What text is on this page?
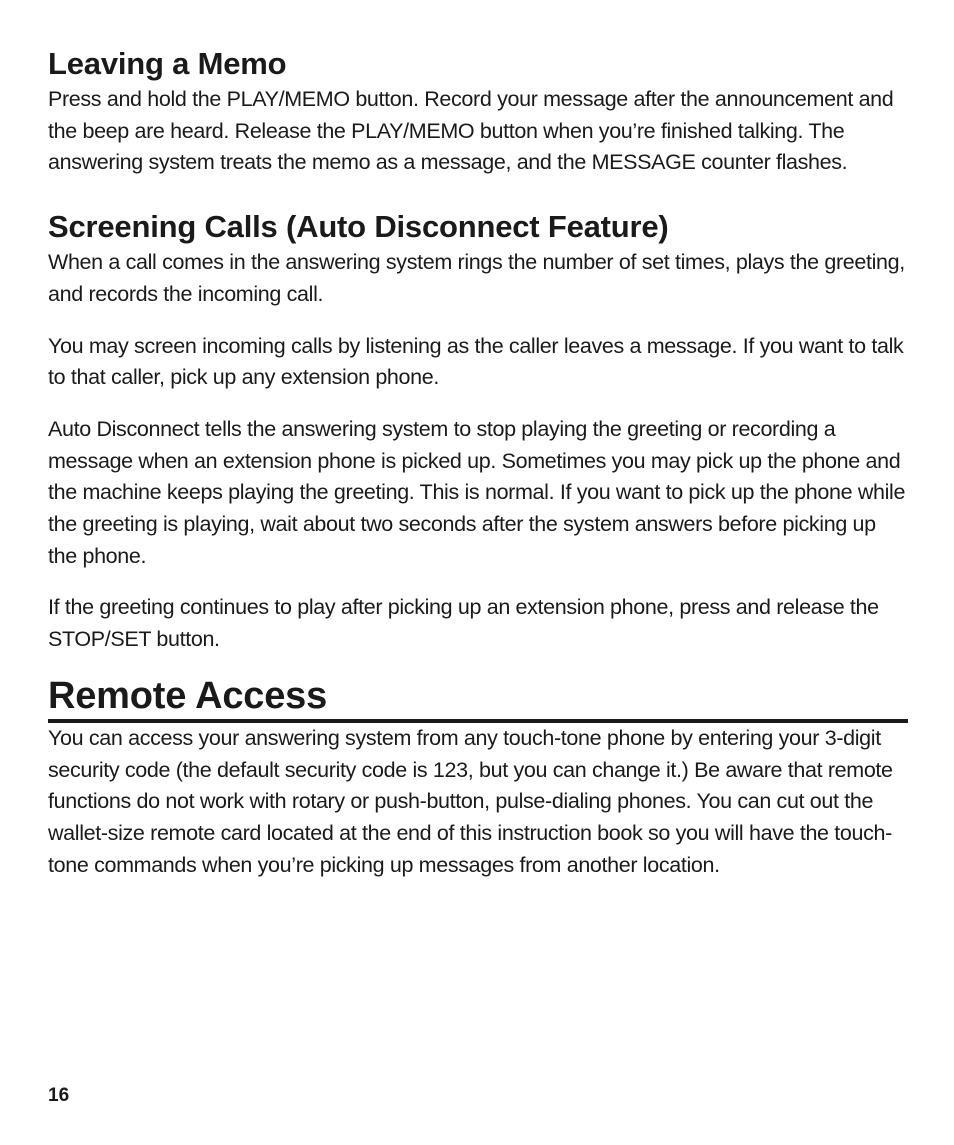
Leaving a Memo

Press and hold the PLAY/MEMO button. Record your message after the announcement and the beep are heard. Release the PLAY/MEMO button when you’re finished talking. The answering system treats the memo as a message, and the MESSAGE counter flashes.

Screening Calls (Auto Disconnect Feature)

When a call comes in the answering system rings the number of set times, plays the greeting, and records the incoming call.

You may screen incoming calls by listening as the caller leaves a message. If you want to talk to that caller, pick up any extension phone.

Auto Disconnect tells the answering system to stop playing the greeting or recording a message when an extension phone is picked up. Sometimes you may pick up the phone and the machine keeps playing the greeting. This is normal. If you want to pick up the phone while the greeting is playing, wait about two seconds after the system answers before picking up the phone.

If the greeting continues to play after picking up an extension phone, press and release the STOP/SET button.

Remote Access

You can access your answering system from any touch-tone phone by entering your 3-digit security code (the default security code is 123, but you can change it.) Be aware that remote functions do not work with rotary or push-button, pulse-dialing phones. You can cut out the wallet-size remote card located at the end of this instruction book so you will have the touch-tone commands when you’re picking up messages from another location.

16
